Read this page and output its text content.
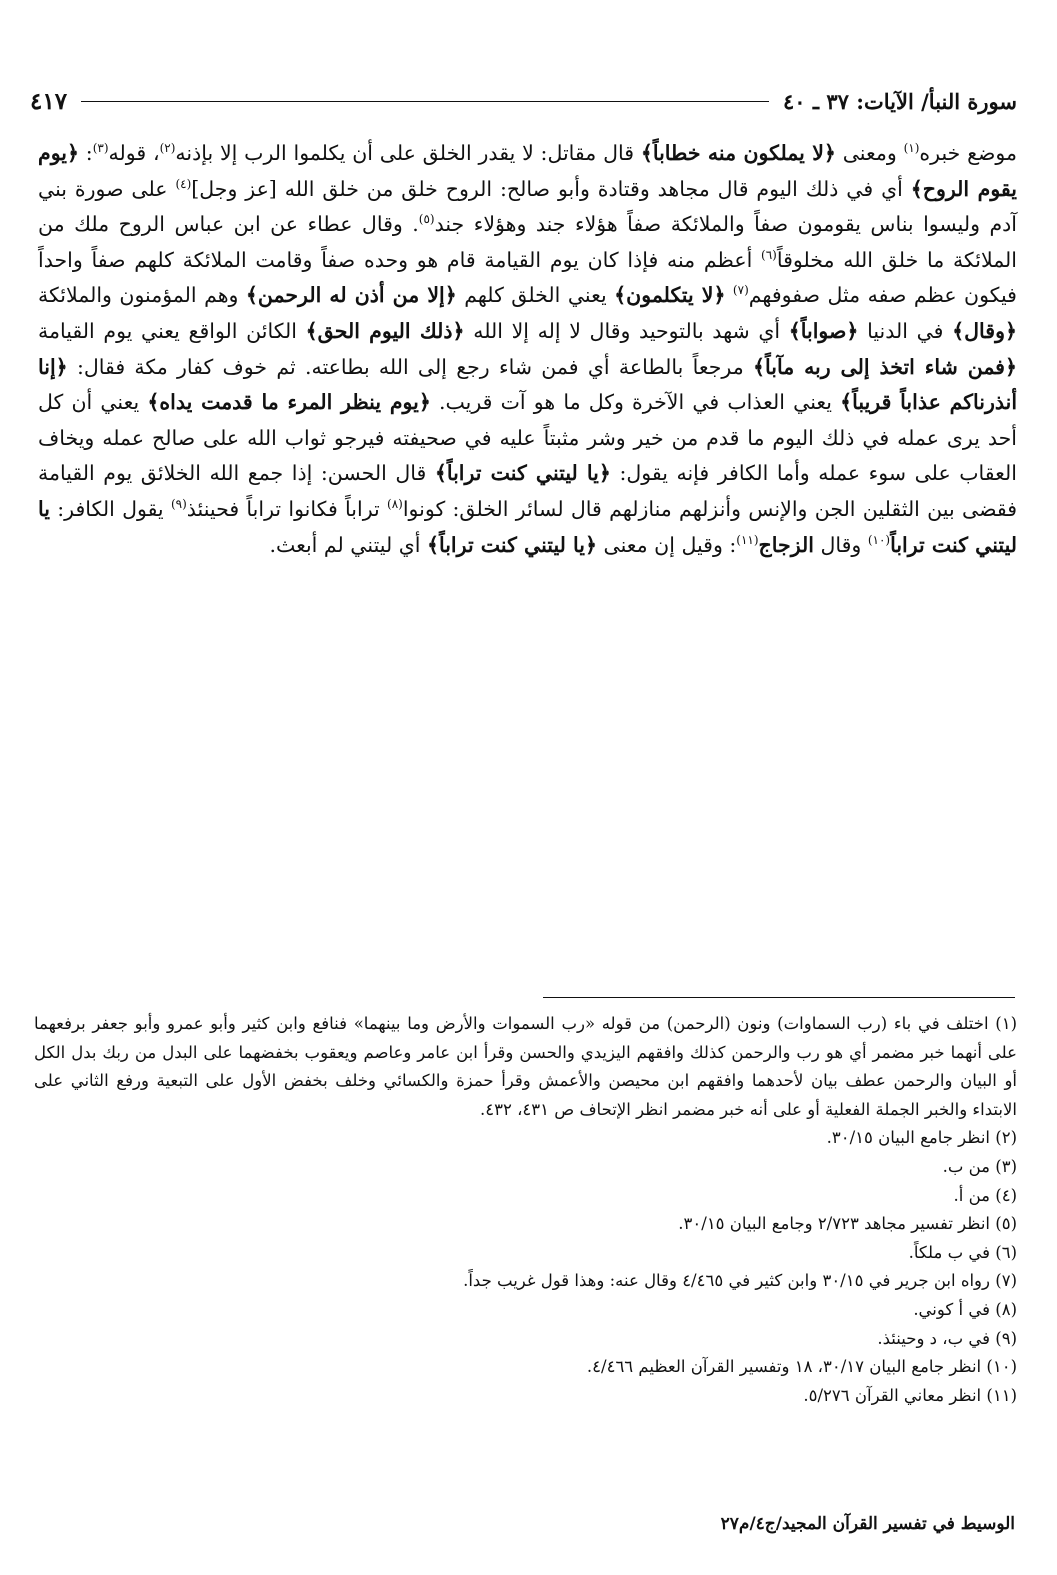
سورة النبأ/ الآيات: ٣٧ ـ ٤٠
٤١٧

موضع خبره$^{(١)}$ ومعنى ﴿لا يملكون منه خطاباً﴾ قال مقاتل: لا يقدر الخلق على أن يكلموا الرب إلا بإذنه$^{(٢)}$، قوله$^{(٣)}$: ﴿يوم يقوم الروح﴾ أي في ذلك اليوم قال مجاهد وقتادة وأبو صالح: الروح خلق من خلق الله [عز وجل]$^{(٤)}$ على صورة بني آدم وليسوا بناس يقومون صفاً والملائكة صفاً هؤلاء جند وهؤلاء جند$^{(٥)}$. وقال عطاء عن ابن عباس الروح ملك من الملائكة ما خلق الله مخلوقاً$^{(٦)}$ أعظم منه فإذا كان يوم القيامة قام هو وحده صفاً وقامت الملائكة كلهم صفاً واحداً فيكون عظم صفه مثل صفوفهم$^{(٧)}$ ﴿لا يتكلمون﴾ يعني الخلق كلهم ﴿إلا من أذن له الرحمن﴾ وهم المؤمنون والملائكة ﴿وقال﴾ في الدنيا ﴿صواباً﴾ أي شهد بالتوحيد وقال لا إله إلا الله ﴿ذلك اليوم الحق﴾ الكائن الواقع يعني يوم القيامة ﴿فمن شاء اتخذ إلى ربه مآباً﴾ مرجعاً بالطاعة أي فمن شاء رجع إلى الله بطاعته. ثم خوف كفار مكة فقال: ﴿إنا أنذرناكم عذاباً قريباً﴾ يعني العذاب في الآخرة وكل ما هو آت قريب. ﴿يوم ينظر المرء ما قدمت يداه﴾ يعني أن كل أحد يرى عمله في ذلك اليوم ما قدم من خير وشر مثبتاً عليه في صحيفته فيرجو ثواب الله على صالح عمله ويخاف العقاب على سوء عمله وأما الكافر فإنه يقول: ﴿يا ليتني كنت تراباً﴾ قال الحسن: إذا جمع الله الخلائق يوم القيامة فقضى بين الثقلين الجن والإنس وأنزلهم منازلهم قال لسائر الخلق: كونوا$^{(٨)}$ تراباً فكانوا تراباً فحينئذ$^{(٩)}$ يقول الكافر: يا ليتني كنت تراباً$^{(١٠)}$ وقال الزجاج$^{(١١)}$: وقيل إن معنى ﴿يا ليتني كنت تراباً﴾ أي ليتني لم أبعث.

(١) اختلف في باء (رب السماوات) ونون (الرحمن) من قوله «رب السموات والأرض وما بينهما» فنافع وابن كثير وأبو عمرو وأبو جعفر برفعهما على أنهما خبر مضمر أي هو رب والرحمن كذلك وافقهم اليزيدي والحسن وقرأ ابن عامر وعاصم ويعقوب بخفضهما على البدل من ربك بدل الكل أو البيان والرحمن عطف بيان لأحدهما وافقهم ابن محيصن والأعمش وقرأ حمزة والكسائي وخلف بخفض الأول على التبعية ورفع الثاني على الابتداء والخبر الجملة الفعلية أو على أنه خبر مضمر انظر الإتحاف ص ٤٣١، ٤٣٢.

(٢) انظر جامع البيان ٣٠/١٥.

(٣) من ب.

(٤) من أ.

(٥) انظر تفسير مجاهد ٢/٧٢٣ وجامع البيان ٣٠/١٥.

(٦) في ب ملكاً.

(٧) رواه ابن جرير في ٣٠/١٥ وابن كثير في ٤/٤٦٥ وقال عنه: وهذا قول غريب جداً.

(٨) في أ كوني.

(٩) في ب، د وحينئذ.

(١٠) انظر جامع البيان ٣٠/١٧، ١٨ وتفسير القرآن العظيم ٤/٤٦٦.

(١١) انظر معاني القرآن ٥/٢٧٦.

الوسيط في تفسير القرآن المجيد/ج٤/م٢٧
